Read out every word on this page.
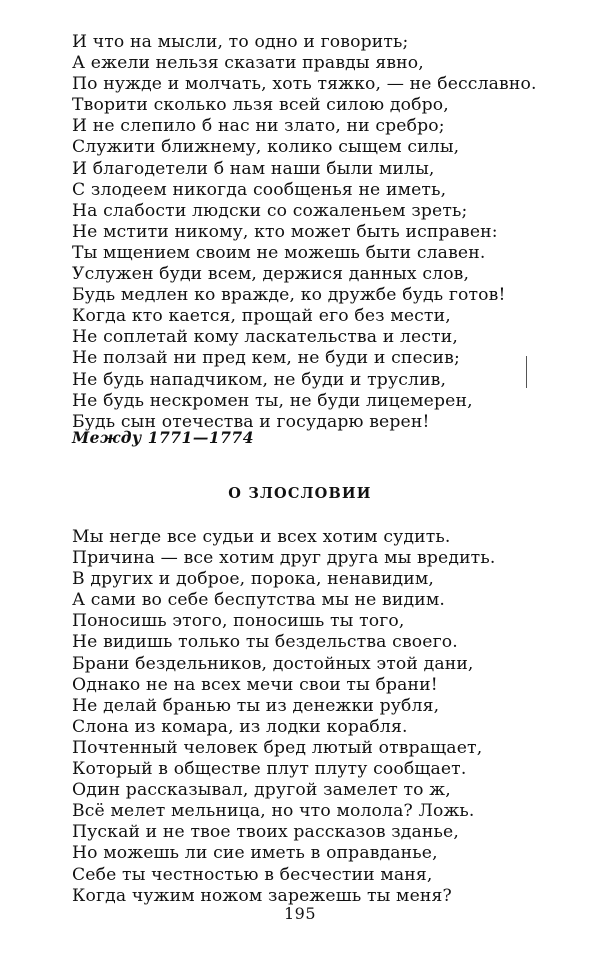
И что на мысли, то одно и говорить;
А ежели нельзя сказати правды явно,
По нужде и молчать, хоть тяжко, — не бесславно.
Творити сколько льзя всей силою добро,
И не слепило б нас ни злато, ни сребро;
Служити ближнему, колико сыщем силы,
И благодетели б нам наши были милы,
С злодеем никогда сообщенья не иметь,
На слабости людски со сожаленьем зреть;
Не мстити никому, кто может быть исправен:
Ты мщением своим не можешь быти славен.
Услужен буди всем, держися данных слов,
Будь медлен ко вражде, ко дружбе будь готов!
Когда кто кается, прощай его без мести,
Не соплетай кому ласкательства и лести,
Не ползай ни пред кем, не буди и спесив;
Не будь нападчиком, не буди и труслив,
Не будь нескромен ты, не буди лицемерен,
Будь сын отечества и государю верен!
Между 1771—1774
О ЗЛОСЛОВИИ
Мы негде все судьи и всех хотим судить.
Причина — все хотим друг друга мы вредить.
В других и доброе, порока, ненавидим,
А сами во себе беспутства мы не видим.
Поносишь этого, поносишь ты того,
Не видишь только ты бездельства своего.
Брани бездельников, достойных этой дани,
Однако не на всех мечи свои ты брани!
Не делай бранью ты из денежки рубля,
Слона из комара, из лодки корабля.
Почтенный человек бред лютый отвращает,
Который в обществе плут плуту сообщает.
Один рассказывал, другой замелет то ж,
Всё мелет мельница, но что молола? Ложь.
Пускай и не твое твоих рассказов зданье,
Но можешь ли сие иметь в оправданье,
Себе ты честностью в бесчестии маня,
Когда чужим ножом зарежешь ты меня?
195
